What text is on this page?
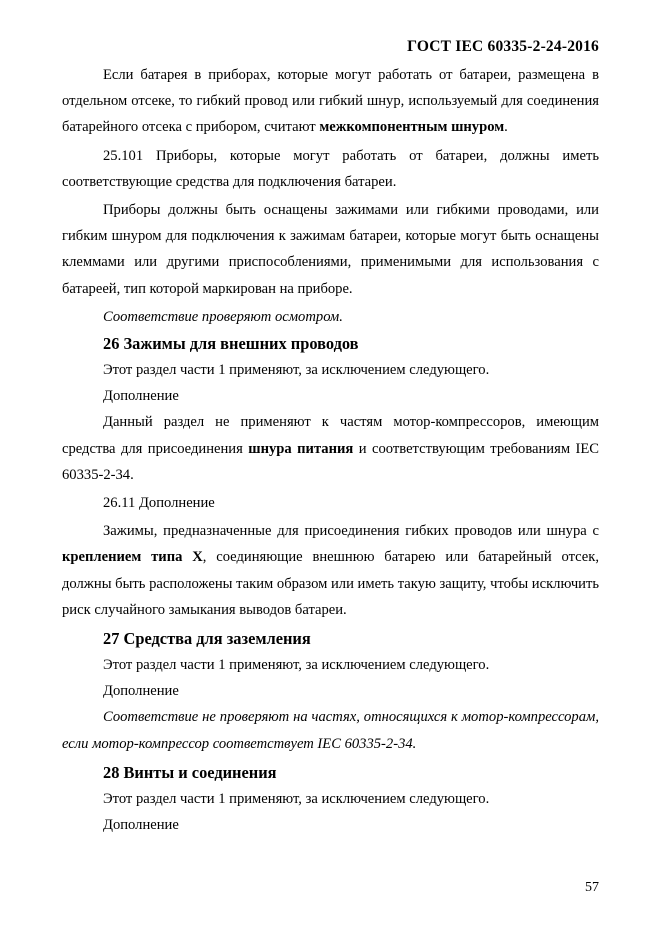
ГОСТ IEC 60335-2-24-2016

Если батарея в приборах, которые могут работать от батареи, размещена в отдельном отсеке, то гибкий провод или гибкий шнур, используемый для соединения батарейного отсека с прибором, считают межкомпонентным шнуром.

25.101 Приборы, которые могут работать от батареи, должны иметь соответствующие средства для подключения батареи.

Приборы должны быть оснащены зажимами или гибкими проводами, или гибким шнуром для подключения к зажимам батареи, которые могут быть оснащены клеммами или другими приспособлениями, применимыми для использования с батареей, тип которой маркирован на приборе.

Соответствие проверяют осмотром.

26 Зажимы для внешних проводов

Этот раздел части 1 применяют, за исключением следующего.

Дополнение

Данный раздел не применяют к частям мотор-компрессоров, имеющим средства для присоединения шнура питания и соответствующим требованиям IEC 60335-2-34.

26.11 Дополнение

Зажимы, предназначенные для присоединения гибких проводов или шнура с креплением типа X, соединяющие внешнюю батарею или батарейный отсек, должны быть расположены таким образом или иметь такую защиту, чтобы исключить риск случайного замыкания выводов батареи.

27 Средства для заземления

Этот раздел части 1 применяют, за исключением следующего.

Дополнение

Соответствие не проверяют на частях, относящихся к мотор-компрессорам, если мотор-компрессор соответствует IEC 60335-2-34.

28 Винты и соединения

Этот раздел части 1 применяют, за исключением следующего.

Дополнение

57
